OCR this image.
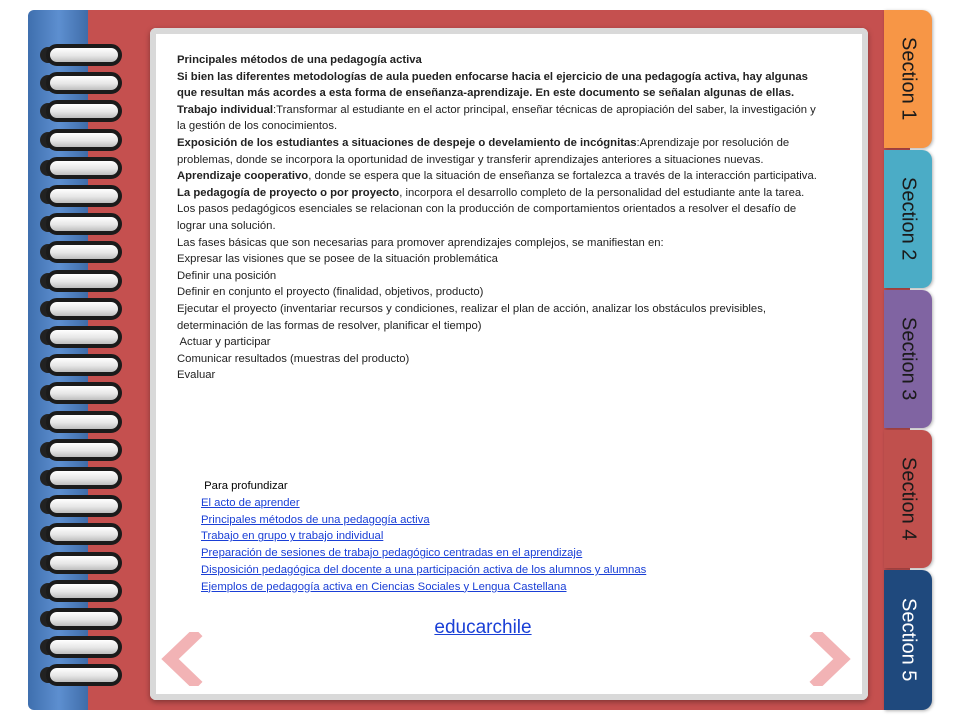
Section 1
Section 2
Section 3
Section 4
Section 5

Principales métodos de una pedagogía activa

Si bien las diferentes metodologías de aula pueden enfocarse hacia el ejercicio de una pedagogía activa, hay algunas que resultan más acordes a esta forma de enseñanza-aprendizaje. En este documento se señalan algunas de ellas.

Trabajo individual:Transformar al estudiante en el actor principal, enseñar técnicas de apropiación del saber, la investigación y la gestión de los conocimientos.

Exposición de los estudiantes a situaciones de despeje o develamiento de incógnitas:Aprendizaje por resolución de problemas, donde se incorpora la oportunidad de investigar y transferir aprendizajes anteriores a situaciones nuevas.

Aprendizaje cooperativo, donde se espera que la situación de enseñanza se fortalezca a través de la interacción participativa.

La pedagogía de proyecto o por proyecto, incorpora el desarrollo completo de la personalidad del estudiante ante la tarea. Los pasos pedagógicos esenciales se relacionan con la producción de comportamientos orientados a resolver el desafío de lograr una solución.

Las fases básicas que son necesarias para promover aprendizajes complejos, se manifiestan en:

Expresar las visiones que se posee de la situación problemática

Definir una posición

Definir en conjunto el proyecto (finalidad, objetivos, producto)

Ejecutar el proyecto (inventariar recursos y condiciones, realizar el plan de acción, analizar los obstáculos previsibles, determinación de las formas de resolver, planificar el tiempo)

Actuar y participar

Comunicar resultados (muestras del producto)

Evaluar

Para profundizar

El acto de aprender

Principales métodos de una pedagogía activa

Trabajo en grupo y trabajo individual

Preparación de sesiones de trabajo pedagógico centradas en el aprendizaje

Disposición pedagógica del docente a una participación activa de los alumnos y alumnas

Ejemplos de pedagogía activa en Ciencias Sociales y Lengua Castellana

educarchile
